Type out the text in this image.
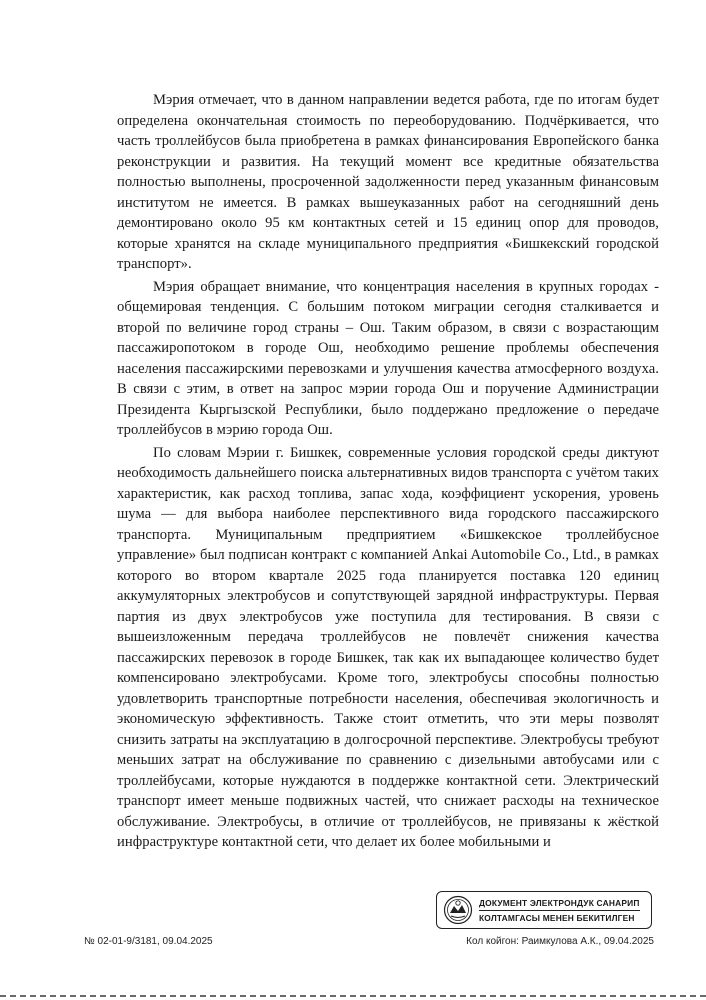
Мэрия отмечает, что в данном направлении ведется работа, где по итогам будет определена окончательная стоимость по переоборудованию. Подчёркивается, что часть троллейбусов была приобретена в рамках финансирования Европейского банка реконструкции и развития. На текущий момент все кредитные обязательства полностью выполнены, просроченной задолженности перед указанным финансовым институтом не имеется. В рамках вышеуказанных работ на сегодняшний день демонтировано около 95 км контактных сетей и 15 единиц опор для проводов, которые хранятся на складе муниципального предприятия «Бишкекский городской транспорт».

Мэрия обращает внимание, что концентрация населения в крупных городах - общемировая тенденция. С большим потоком миграции сегодня сталкивается и второй по величине город страны – Ош. Таким образом, в связи с возрастающим пассажиропотоком в городе Ош, необходимо решение проблемы обеспечения населения пассажирскими перевозками и улучшения качества атмосферного воздуха. В связи с этим, в ответ на запрос мэрии города Ош и поручение Администрации Президента Кыргызской Республики, было поддержано предложение о передаче троллейбусов в мэрию города Ош.

По словам Мэрии г. Бишкек, современные условия городской среды диктуют необходимость дальнейшего поиска альтернативных видов транспорта с учётом таких характеристик, как расход топлива, запас хода, коэффициент ускорения, уровень шума — для выбора наиболее перспективного вида городского пассажирского транспорта. Муниципальным предприятием «Бишкекское троллейбусное управление» был подписан контракт с компанией Ankai Automobile Co., Ltd., в рамках которого во втором квартале 2025 года планируется поставка 120 единиц аккумуляторных электробусов и сопутствующей зарядной инфраструктуры. Первая партия из двух электробусов уже поступила для тестирования. В связи с вышеизложенным передача троллейбусов не повлечёт снижения качества пассажирских перевозок в городе Бишкек, так как их выпадающее количество будет компенсировано электробусами. Кроме того, электробусы способны полностью удовлетворить транспортные потребности населения, обеспечивая экологичность и экономическую эффективность. Также стоит отметить, что эти меры позволят снизить затраты на эксплуатацию в долгосрочной перспективе. Электробусы требуют меньших затрат на обслуживание по сравнению с дизельными автобусами или с троллейбусами, которые нуждаются в поддержке контактной сети. Электрический транспорт имеет меньше подвижных частей, что снижает расходы на техническое обслуживание. Электробусы, в отличие от троллейбусов, не привязаны к жёсткой инфраструктуре контактной сети, что делает их более мобильными и

ДОКУМЕНТ ЭЛЕКТРОНДУК САНАРИП
КОЛТАМГАСЫ МЕНЕН БЕКИТИЛГЕН
№ 02-01-9/3181, 09.04.2025	Кол койгон: Раимкулова А.К., 09.04.2025
